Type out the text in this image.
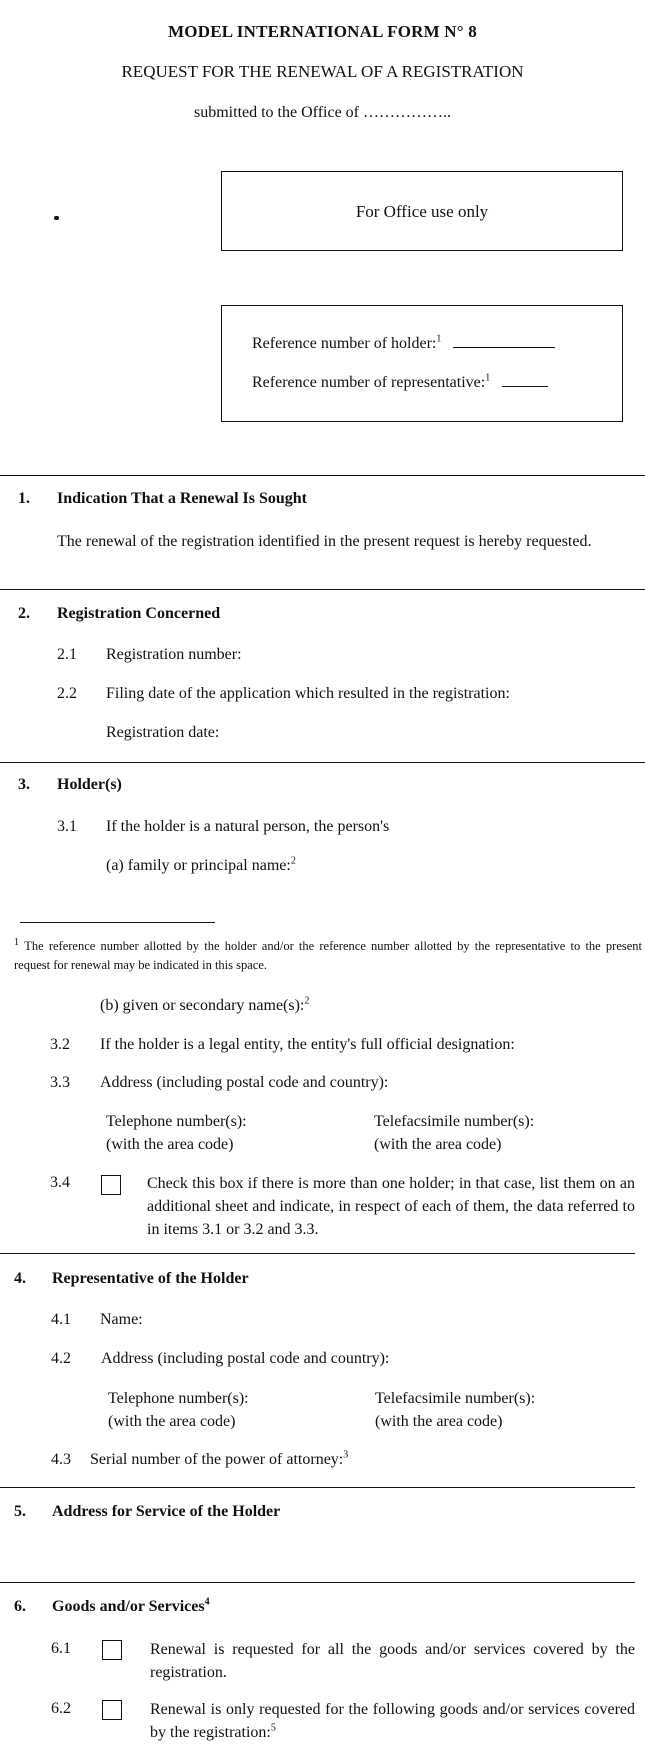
MODEL INTERNATIONAL FORM N° 8
REQUEST FOR THE RENEWAL OF A REGISTRATION
submitted to the Office of ……………..
For Office use only
Reference number of holder:$^1$
Reference number of representative:$^1$
1. Indication That a Renewal Is Sought
The renewal of the registration identified in the present request is hereby requested.
2. Registration Concerned
2.1 Registration number:
2.2 Filing date of the application which resulted in the registration:
Registration date:
3. Holder(s)
3.1 If the holder is a natural person, the person's
(a) family or principal name:$^2$
$^1$ The reference number allotted by the holder and/or the reference number allotted by the representative to the present request for renewal may be indicated in this space.
(b) given or secondary name(s):$^2$
3.2 If the holder is a legal entity, the entity's full official designation:
3.3 Address (including postal code and country):
Telephone number(s):
(with the area code)
Telefacsimile number(s):
(with the area code)
3.4	Check this box if there is more than one holder; in that case, list them on an additional sheet and indicate, in respect of each of them, the data referred to in items 3.1 or 3.2 and 3.3.
4. Representative of the Holder
4.1 Name:
4.2 Address (including postal code and country):
Telephone number(s):
(with the area code)
Telefacsimile number(s):
(with the area code)
4.3 Serial number of the power of attorney:$^3$
5. Address for Service of the Holder
6. Goods and/or Services$^4$
6.1	Renewal is requested for all the goods and/or services covered by the registration.
6.2	Renewal is only requested for the following goods and/or services covered by the registration:$^5$
